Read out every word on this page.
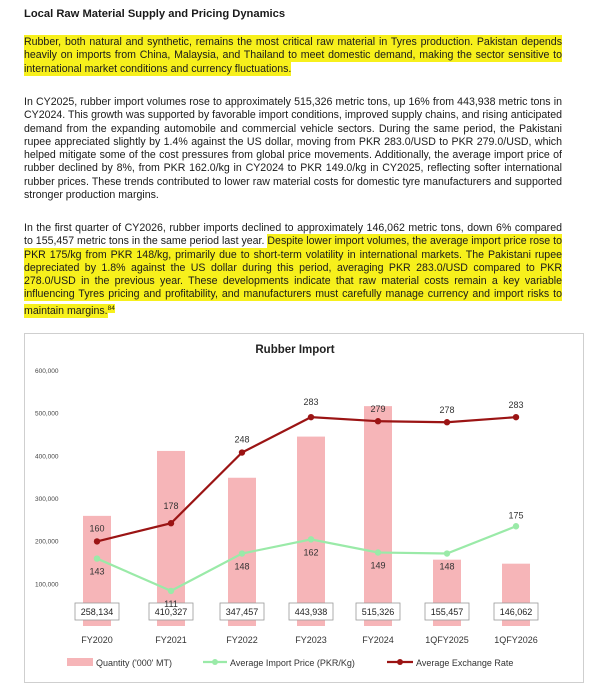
Local Raw Material Supply and Pricing Dynamics
Rubber, both natural and synthetic, remains the most critical raw material in Tyres production. Pakistan depends heavily on imports from China, Malaysia, and Thailand to meet domestic demand, making the sector sensitive to international market conditions and currency fluctuations.
In CY2025, rubber import volumes rose to approximately 515,326 metric tons, up 16% from 443,938 metric tons in CY2024. This growth was supported by favorable import conditions, improved supply chains, and rising anticipated demand from the expanding automobile and commercial vehicle sectors. During the same period, the Pakistani rupee appreciated slightly by 1.4% against the US dollar, moving from PKR 283.0/USD to PKR 279.0/USD, which helped mitigate some of the cost pressures from global price movements. Additionally, the average import price of rubber declined by 8%, from PKR 162.0/kg in CY2024 to PKR 149.0/kg in CY2025, reflecting softer international rubber prices. These trends contributed to lower raw material costs for domestic tyre manufacturers and supported stronger production margins.
In the first quarter of CY2026, rubber imports declined to approximately 146,062 metric tons, down 6% compared to 155,457 metric tons in the same period last year. Despite lower import volumes, the average import price rose to PKR 175/kg from PKR 148/kg, primarily due to short-term volatility in international markets. The Pakistani rupee depreciated by 1.8% against the US dollar during this period, averaging PKR 283.0/USD compared to PKR 278.0/USD in the previous year. These developments indicate that raw material costs remain a key variable influencing Tyres pricing and profitability, and manufacturers must carefully manage currency and import risks to maintain margins.$^{84}$
Rubber Import
600,000
500,000
400,000
300,000
200,000
100,000
258,134	410,327	347,457	443,938	515,326	155,457	146,062
FY2020	FY2021	FY2022	FY2023	FY2024	1QFY2025	1QFY2026
143
111
148
162
149	148
175
160
178
248
283
279	278
283
Quantity ('000' MT)	Average Import Price (PKR/Kg)	Average Exchange Rate
